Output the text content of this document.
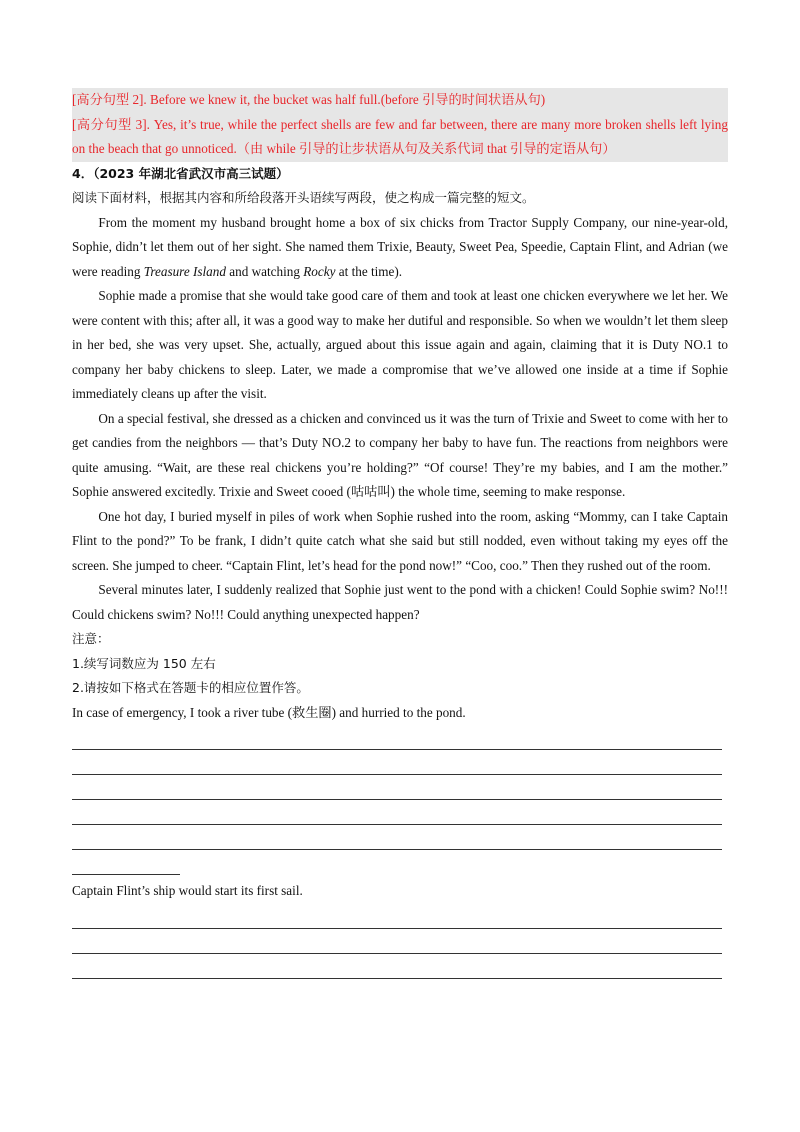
[高分句型 2]. Before we knew it, the bucket was half full.(before 引导的时间状语从句)

[高分句型 3]. Yes, it’s true, while the perfect shells are few and far between, there are many more broken shells left lying on the beach that go unnoticed.（由 while 引导的让步状语从句及关系代词 that 引导的定语从句）

4．（2023 年湖北省武汉市高三试题）

阅读下面材料，根据其内容和所给段落开头语续写两段，使之构成一篇完整的短文。

From the moment my husband brought home a box of six chicks from Tractor Supply Company, our nine-year-old, Sophie, didn’t let them out of her sight. She named them Trixie, Beauty, Sweet Pea, Speedie, Captain Flint, and Adrian (we were reading Treasure Island and watching Rocky at the time).

Sophie made a promise that she would take good care of them and took at least one chicken everywhere we let her. We were content with this; after all, it was a good way to make her dutiful and responsible. So when we wouldn’t let them sleep in her bed, she was very upset. She, actually, argued about this issue again and again, claiming that it is Duty NO.1 to company her baby chickens to sleep. Later, we made a compromise that we’ve allowed one inside at a time if Sophie immediately cleans up after the visit.

On a special festival, she dressed as a chicken and convinced us it was the turn of Trixie and Sweet to come with her to get candies from the neighbors — that’s Duty NO.2 to company her baby to have fun. The reactions from neighbors were quite amusing. “Wait, are these real chickens you’re holding?” “Of course! They’re my babies, and I am the mother.” Sophie answered excitedly. Trixie and Sweet cooed (咕咕叫) the whole time, seeming to make response.

One hot day, I buried myself in piles of work when Sophie rushed into the room, asking “Mommy, can I take Captain Flint to the pond?” To be frank, I didn’t quite catch what she said but still nodded, even without taking my eyes off the screen. She jumped to cheer. “Captain Flint, let’s head for the pond now!” “Coo, coo.” Then they rushed out of the room.

Several minutes later, I suddenly realized that Sophie just went to the pond with a chicken! Could Sophie swim? No!!! Could chickens swim? No!!! Could anything unexpected happen?

注意：

1.续写词数应为 150 左右

2.请按如下格式在答题卡的相应位置作答。

In case of emergency, I took a river tube (救生圈) and hurried to the pond.

Captain Flint’s ship would start its first sail.
